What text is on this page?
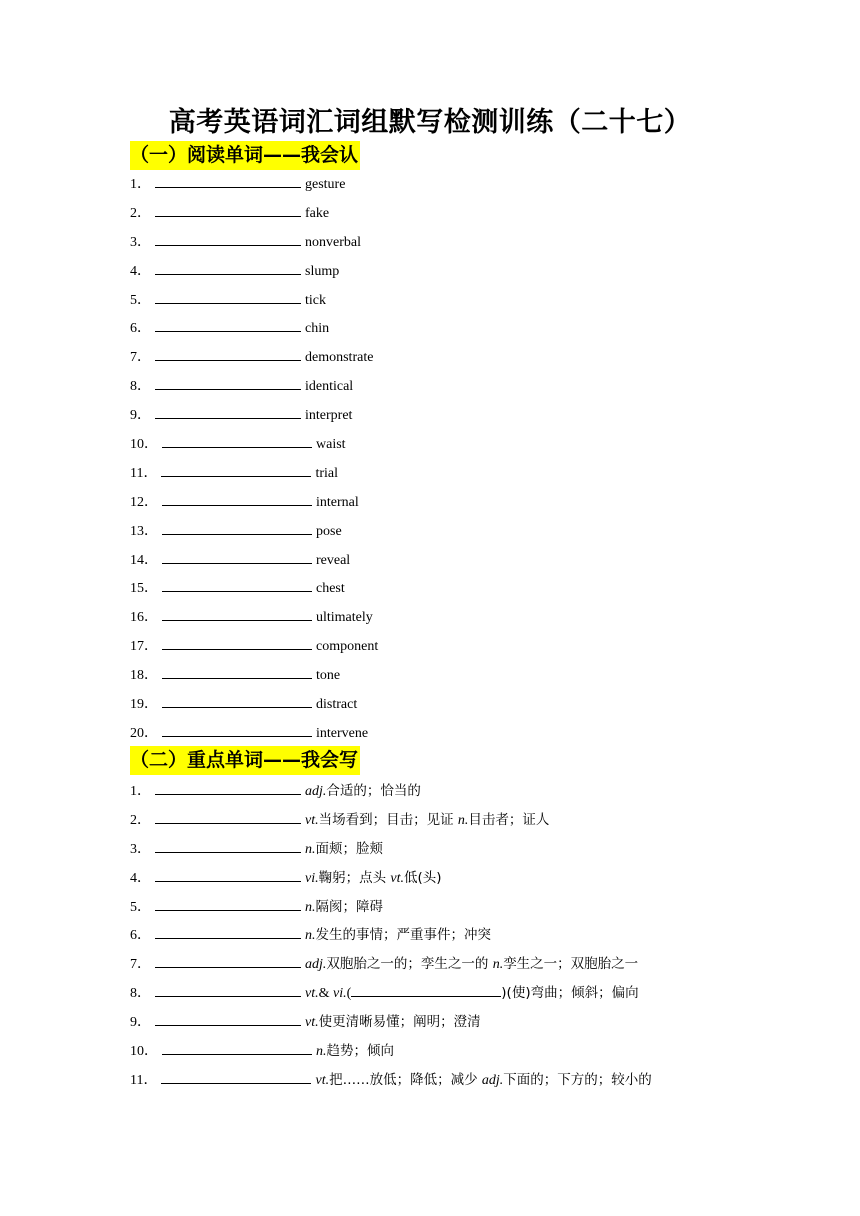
高考英语词汇词组默写检测训练（二十七）
（一）阅读单词——我会认
1．	gesture
2．	fake
3．	nonverbal
4．	slump
5．	tick
6．	chin
7．	demonstrate
8．	identical
9．	interpret
10．	waist
11．	trial
12．	internal
13．	pose
14．	reveal
15．	chest
16．	ultimately
17．	component
18．	tone
19．	distract
20．	intervene
（二）重点单词——我会写
1．	adj.合适的；恰当的
2．	vt.当场看到；目击；见证 n.目击者；证人
3．	n.面颊；脸颊
4．	vi.鞠躬；点头 vt.低(头)
5．	n.隔阂；障碍
6．	n.发生的事情；严重事件；冲突
7．	adj.双胞胎之一的；孪生之一的 n.孪生之一；双胞胎之一
8．	vt.& vi.(	)(使)弯曲；倾斜；偏向
9．	vt.使更清晰易懂；阐明；澄清
10．	n.趋势；倾向
11．	vt.把……放低；降低；减少 adj.下面的；下方的；较小的
